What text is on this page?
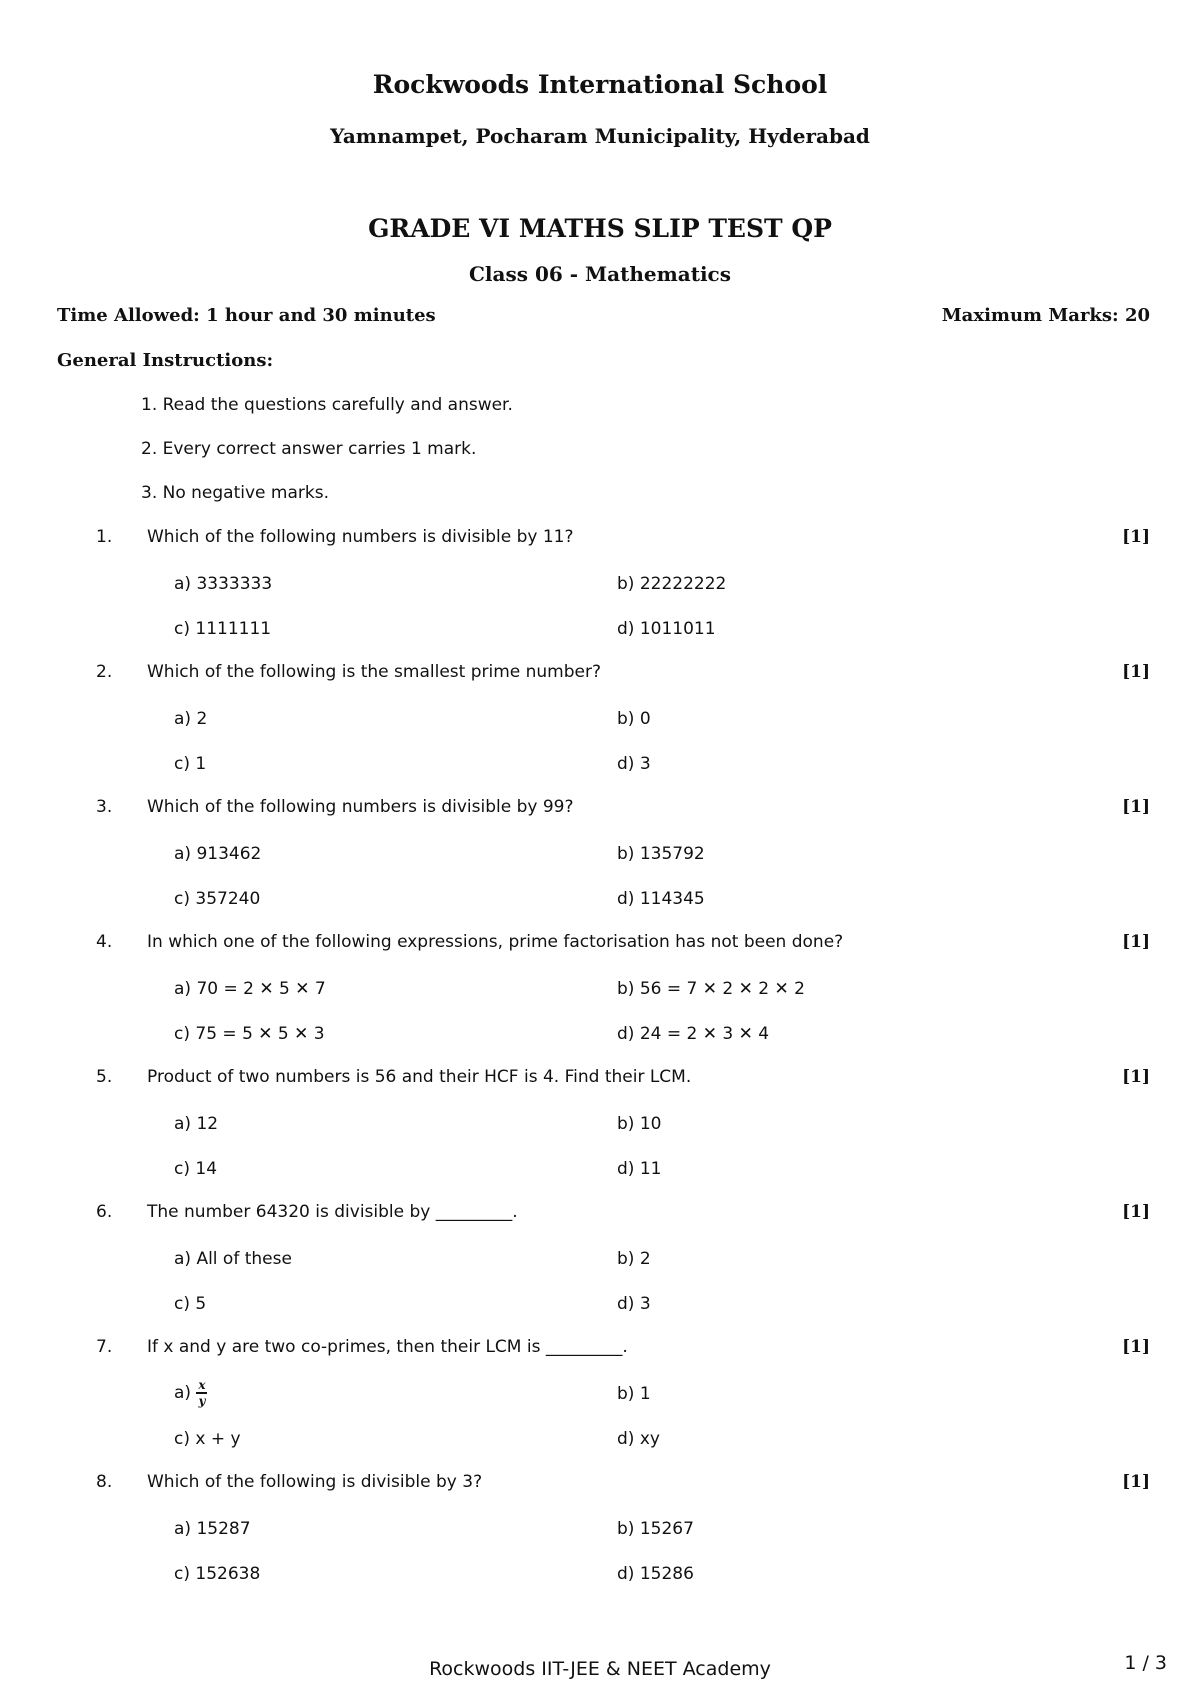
Rockwoods International School
Yamnampet, Pocharam Municipality, Hyderabad
GRADE VI MATHS SLIP TEST QP
Class 06 - Mathematics
Time Allowed: 1 hour and 30 minutes	Maximum Marks: 20
General Instructions:
1. Read the questions carefully and answer.
2. Every correct answer carries 1 mark.
3. No negative marks.
1. Which of the following numbers is divisible by 11?	[1]
a) 3333333	b) 22222222
c) 1111111	d) 1011011
2. Which of the following is the smallest prime number?	[1]
a) 2	b) 0
c) 1	d) 3
3. Which of the following numbers is divisible by 99?	[1]
a) 913462	b) 135792
c) 357240	d) 114345
4. In which one of the following expressions, prime factorisation has not been done?	[1]
a) 70 = 2 ✕ 5 ✕ 7	b) 56 = 7 ✕ 2 ✕ 2 ✕ 2
c) 75 = 5 ✕ 5 ✕ 3	d) 24 = 2 ✕ 3 ✕ 4
5. Product of two numbers is 56 and their HCF is 4. Find their LCM.	[1]
a) 12	b) 10
c) 14	d) 11
6. The number 64320 is divisible by _________.	[1]
a) All of these	b) 2
c) 5	d) 3
7. If x and y are two co-primes, then their LCM is _________.	[1]
$a) \frac{x}{y}$	b) 1
c) x + y	d) xy
8. Which of the following is divisible by 3?	[1]
a) 15287	b) 15267
c) 152638	d) 15286
Rockwoods IIT-JEE & NEET Academy	1 / 3
